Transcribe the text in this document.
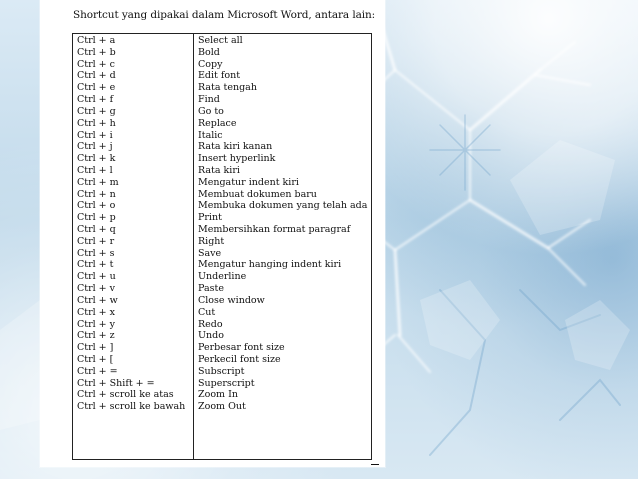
Shortcut yang dipakai dalam Microsoft Word, antara lain:
Ctrl + a	Select all
Ctrl + b	Bold
Ctrl + c	Copy
Ctrl + d	Edit font
Ctrl + e	Rata tengah
Ctrl + f	Find
Ctrl + g	Go to
Ctrl + h	Replace
Ctrl + i	Italic
Ctrl + j	Rata kiri kanan
Ctrl + k	Insert hyperlink
Ctrl + l	Rata kiri
Ctrl + m	Mengatur indent kiri
Ctrl + n	Membuat dokumen baru
Ctrl + o	Membuka dokumen yang telah ada
Ctrl + p	Print
Ctrl + q	Membersihkan format paragraf
Ctrl + r	Right
Ctrl + s	Save
Ctrl + t	Mengatur hanging indent kiri
Ctrl + u	Underline
Ctrl + v	Paste
Ctrl + w	Close window
Ctrl + x	Cut
Ctrl + y	Redo
Ctrl + z	Undo
Ctrl + ]	Perbesar font size
Ctrl + [	Perkecil font size
Ctrl + =	Subscript
Ctrl + Shift + =	Superscript
Ctrl + scroll ke atas	Zoom In
Ctrl + scroll ke bawah	Zoom Out
